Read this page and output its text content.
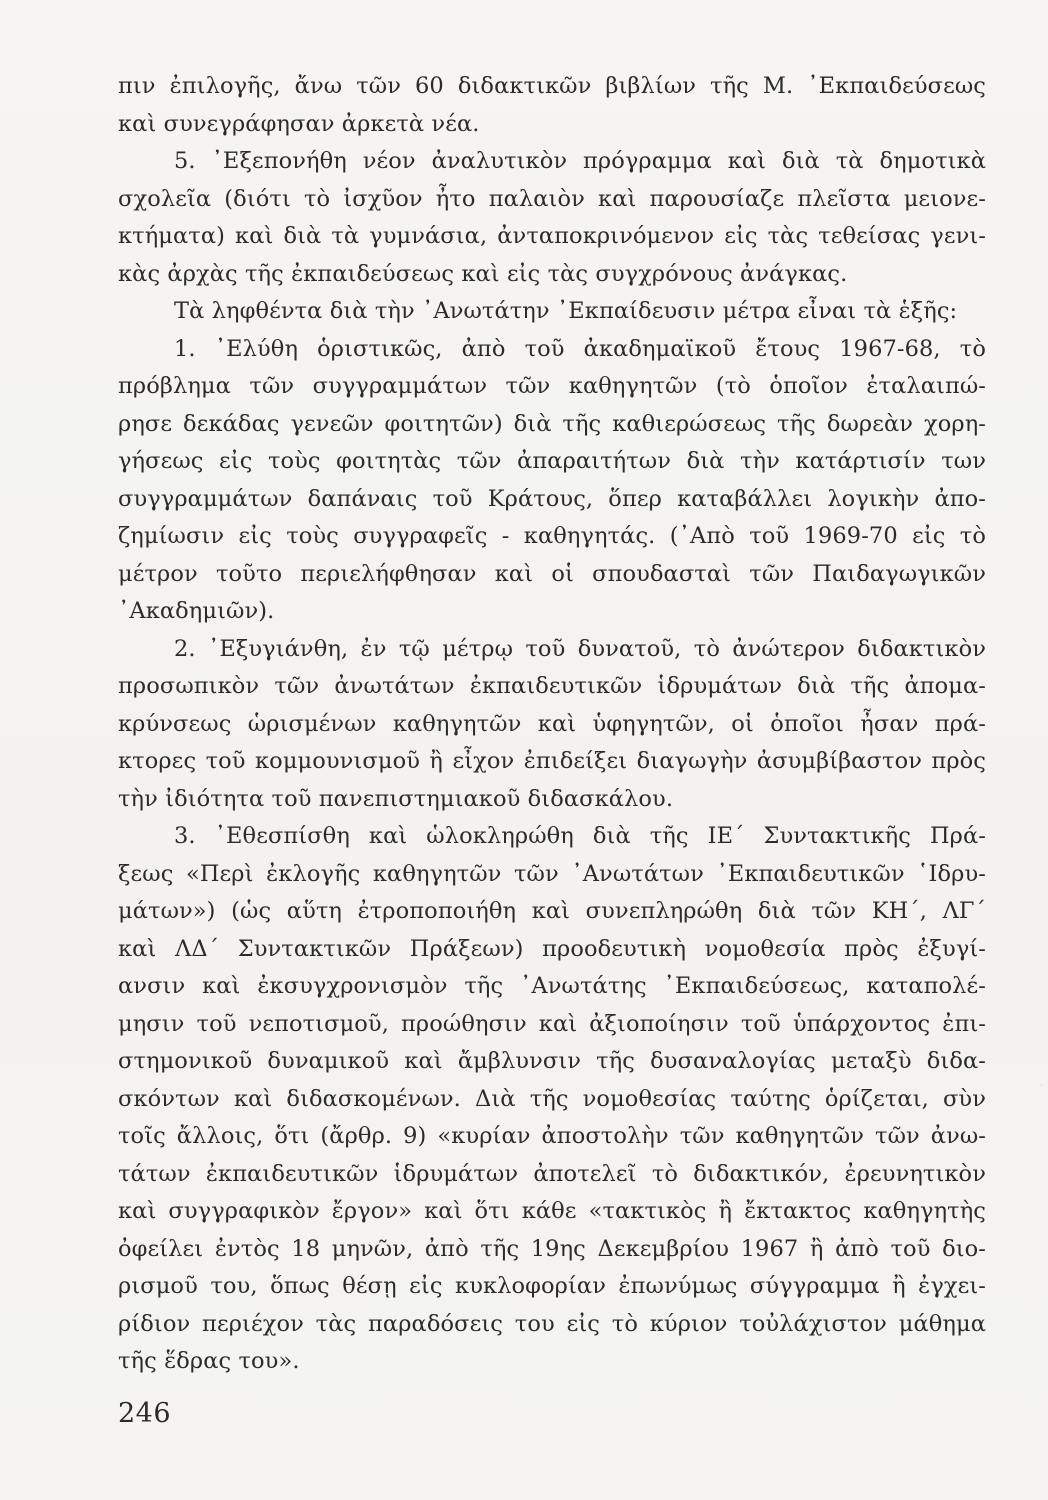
πιν ἐπιλογῆς, ἄνω τῶν 60 διδακτικῶν βιβλίων τῆς Μ. ᾿Εκπαιδεύσεως
καὶ συνεγράφησαν ἀρκετὰ νέα.
5. ᾿Εξεπονήθη νέον ἀναλυτικὸν πρόγραμμα καὶ διὰ τὰ δημοτικὰ
σχολεῖα (διότι τὸ ἰσχῦον ἦτο παλαιὸν καὶ παρουσίαζε πλεῖστα μειονε-
κτήματα) καὶ διὰ τὰ γυμνάσια, ἀνταποκρινόμενον εἰς τὰς τεθείσας γενι-
κὰς ἀρχὰς τῆς ἐκπαιδεύσεως καὶ εἰς τὰς συγχρόνους ἀνάγκας.
Τὰ ληφθέντα διὰ τὴν ᾿Ανωτάτην ᾿Εκπαίδευσιν μέτρα εἶναι τὰ ἑξῆς:
1. ᾿Ελύθη ὁριστικῶς, ἀπὸ τοῦ ἀκαδημαϊκοῦ ἔτους 1967-68, τὸ
πρόβλημα τῶν συγγραμμάτων τῶν καθηγητῶν (τὸ ὁποῖον ἐταλαιπώ-
ρησε δεκάδας γενεῶν φοιτητῶν) διὰ τῆς καθιερώσεως τῆς δωρεὰν χορη-
γήσεως εἰς τοὺς φοιτητὰς τῶν ἀπαραιτήτων διὰ τὴν κατάρτισίν των
συγγραμμάτων δαπάναις τοῦ Κράτους, ὅπερ καταβάλλει λογικὴν ἀπο-
ζημίωσιν εἰς τοὺς συγγραφεῖς - καθηγητάς. (᾿Απὸ τοῦ 1969-70 εἰς τὸ
μέτρον τοῦτο περιελήφθησαν καὶ οἱ σπουδασταὶ τῶν Παιδαγωγικῶν
᾿Ακαδημιῶν).
2. ᾿Εξυγιάνθη, ἐν τῷ μέτρῳ τοῦ δυνατοῦ, τὸ ἀνώτερον διδακτικὸν
προσωπικὸν τῶν ἀνωτάτων ἐκπαιδευτικῶν ἱδρυμάτων διὰ τῆς ἀπομα-
κρύνσεως ὡρισμένων καθηγητῶν καὶ ὑφηγητῶν, οἱ ὁποῖοι ἦσαν πρά-
κτορες τοῦ κομμουνισμοῦ ἢ εἶχον ἐπιδείξει διαγωγὴν ἀσυμβίβαστον πρὸς
τὴν ἰδιότητα τοῦ πανεπιστημιακοῦ διδασκάλου.
3. ᾿Εθεσπίσθη καὶ ὡλοκληρώθη διὰ τῆς ΙΕ΄ Συντακτικῆς Πρά-
ξεως «Περὶ ἐκλογῆς καθηγητῶν τῶν ᾿Ανωτάτων ᾿Εκπαιδευτικῶν ῾Ιδρυ-
μάτων») (ὡς αὕτη ἐτροποποιήθη καὶ συνεπληρώθη διὰ τῶν ΚΗ΄, ΛΓ΄
καὶ ΛΔ΄ Συντακτικῶν Πράξεων) προοδευτικὴ νομοθεσία πρὸς ἐξυγί-
ανσιν καὶ ἐκσυγχρονισμὸν τῆς ᾿Ανωτάτης ᾿Εκπαιδεύσεως, καταπολέ-
μησιν τοῦ νεποτισμοῦ, προώθησιν καὶ ἀξιοποίησιν τοῦ ὑπάρχοντος ἐπι-
στημονικοῦ δυναμικοῦ καὶ ἄμβλυνσιν τῆς δυσαναλογίας μεταξὺ διδα-
σκόντων καὶ διδασκομένων. Διὰ τῆς νομοθεσίας ταύτης ὁρίζεται, σὺν
τοῖς ἄλλοις, ὅτι (ἄρθρ. 9) «κυρίαν ἀποστολὴν τῶν καθηγητῶν τῶν ἀνω-
τάτων ἐκπαιδευτικῶν ἱδρυμάτων ἀποτελεῖ τὸ διδακτικόν, ἐρευνητικὸν
καὶ συγγραφικὸν ἔργον» καὶ ὅτι κάθε «τακτικὸς ἢ ἔκτακτος καθηγητὴς
ὀφείλει ἐντὸς 18 μηνῶν, ἀπὸ τῆς 19ης Δεκεμβρίου 1967 ἢ ἀπὸ τοῦ διο-
ρισμοῦ του, ὅπως θέσῃ εἰς κυκλοφορίαν ἐπωνύμως σύγγραμμα ἢ ἐγχει-
ρίδιον περιέχον τὰς παραδόσεις του εἰς τὸ κύριον τοὐλάχιστον μάθημα
τῆς ἕδρας του».
246
·
